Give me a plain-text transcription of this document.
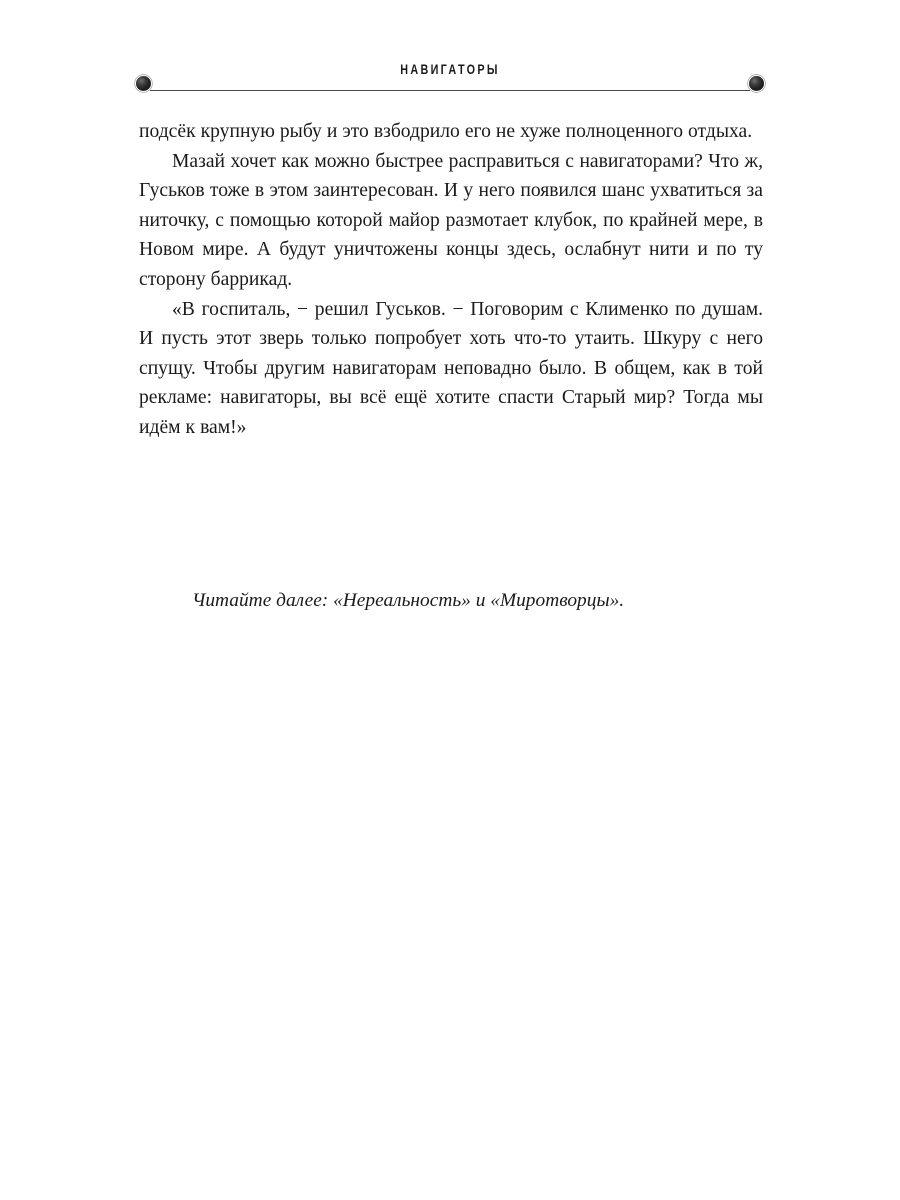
НАВИГАТОРЫ

подсёк крупную рыбу и это взбодрило его не хуже полноценного отдыха.

Мазай хочет как можно быстрее расправиться с навигаторами? Что ж, Гуськов тоже в этом заинтересован. И у него появился шанс ухватиться за ниточку, с помощью которой майор размотает клубок, по крайней мере, в Новом мире. А будут уничтожены концы здесь, ослабнут нити и по ту сторону баррикад.

«В госпиталь, − решил Гуськов. − Поговорим с Клименко по душам. И пусть этот зверь только попробует хоть что-то утаить. Шкуру с него спущу. Чтобы другим навигаторам неповадно было. В общем, как в той рекламе: навигаторы, вы всё ещё хотите спасти Старый мир? Тогда мы идём к вам!»

Читайте далее: «Нереальность» и «Миротворцы».
